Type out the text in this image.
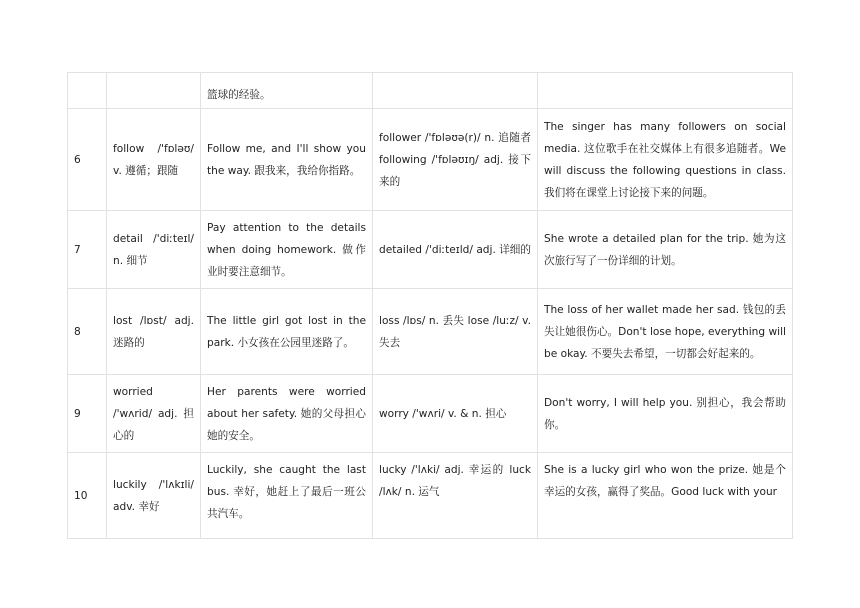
		篮球的经验。		
6	follow /'fɒləʊ/ v. 遵循；跟随	Follow me, and I'll show you the way. 跟我来，我给你指路。	follower /'fɒləʊə(r)/ n. 追随者 following /'fɒləʊɪŋ/ adj. 接下来的	The singer has many followers on social media. 这位歌手在社交媒体上有很多追随者。We will discuss the following questions in class. 我们将在课堂上讨论接下来的问题。
7	detail /'diːteɪl/ n. 细节	Pay attention to the details when doing homework. 做作业时要注意细节。	detailed /'diːteɪld/ adj. 详细的	She wrote a detailed plan for the trip. 她为这次旅行写了一份详细的计划。
8	lost /lɒst/ adj. 迷路的	The little girl got lost in the park. 小女孩在公园里迷路了。	loss /lɒs/ n. 丢失 lose /luːz/ v. 失去	The loss of her wallet made her sad. 钱包的丢失让她很伤心。Don't lose hope, everything will be okay. 不要失去希望，一切都会好起来的。
9	worried /'wʌrid/ adj. 担心的	Her parents were worried about her safety. 她的父母担心她的安全。	worry /'wʌri/ v. & n. 担心	Don't worry, I will help you. 别担心，我会帮助你。
10	luckily /'lʌkɪli/ adv. 幸好	Luckily, she caught the last bus. 幸好，她赶上了最后一班公共汽车。	lucky /'lʌki/ adj. 幸运的 luck /lʌk/ n. 运气	She is a lucky girl who won the prize. 她是个幸运的女孩，赢得了奖品。Good luck with your
